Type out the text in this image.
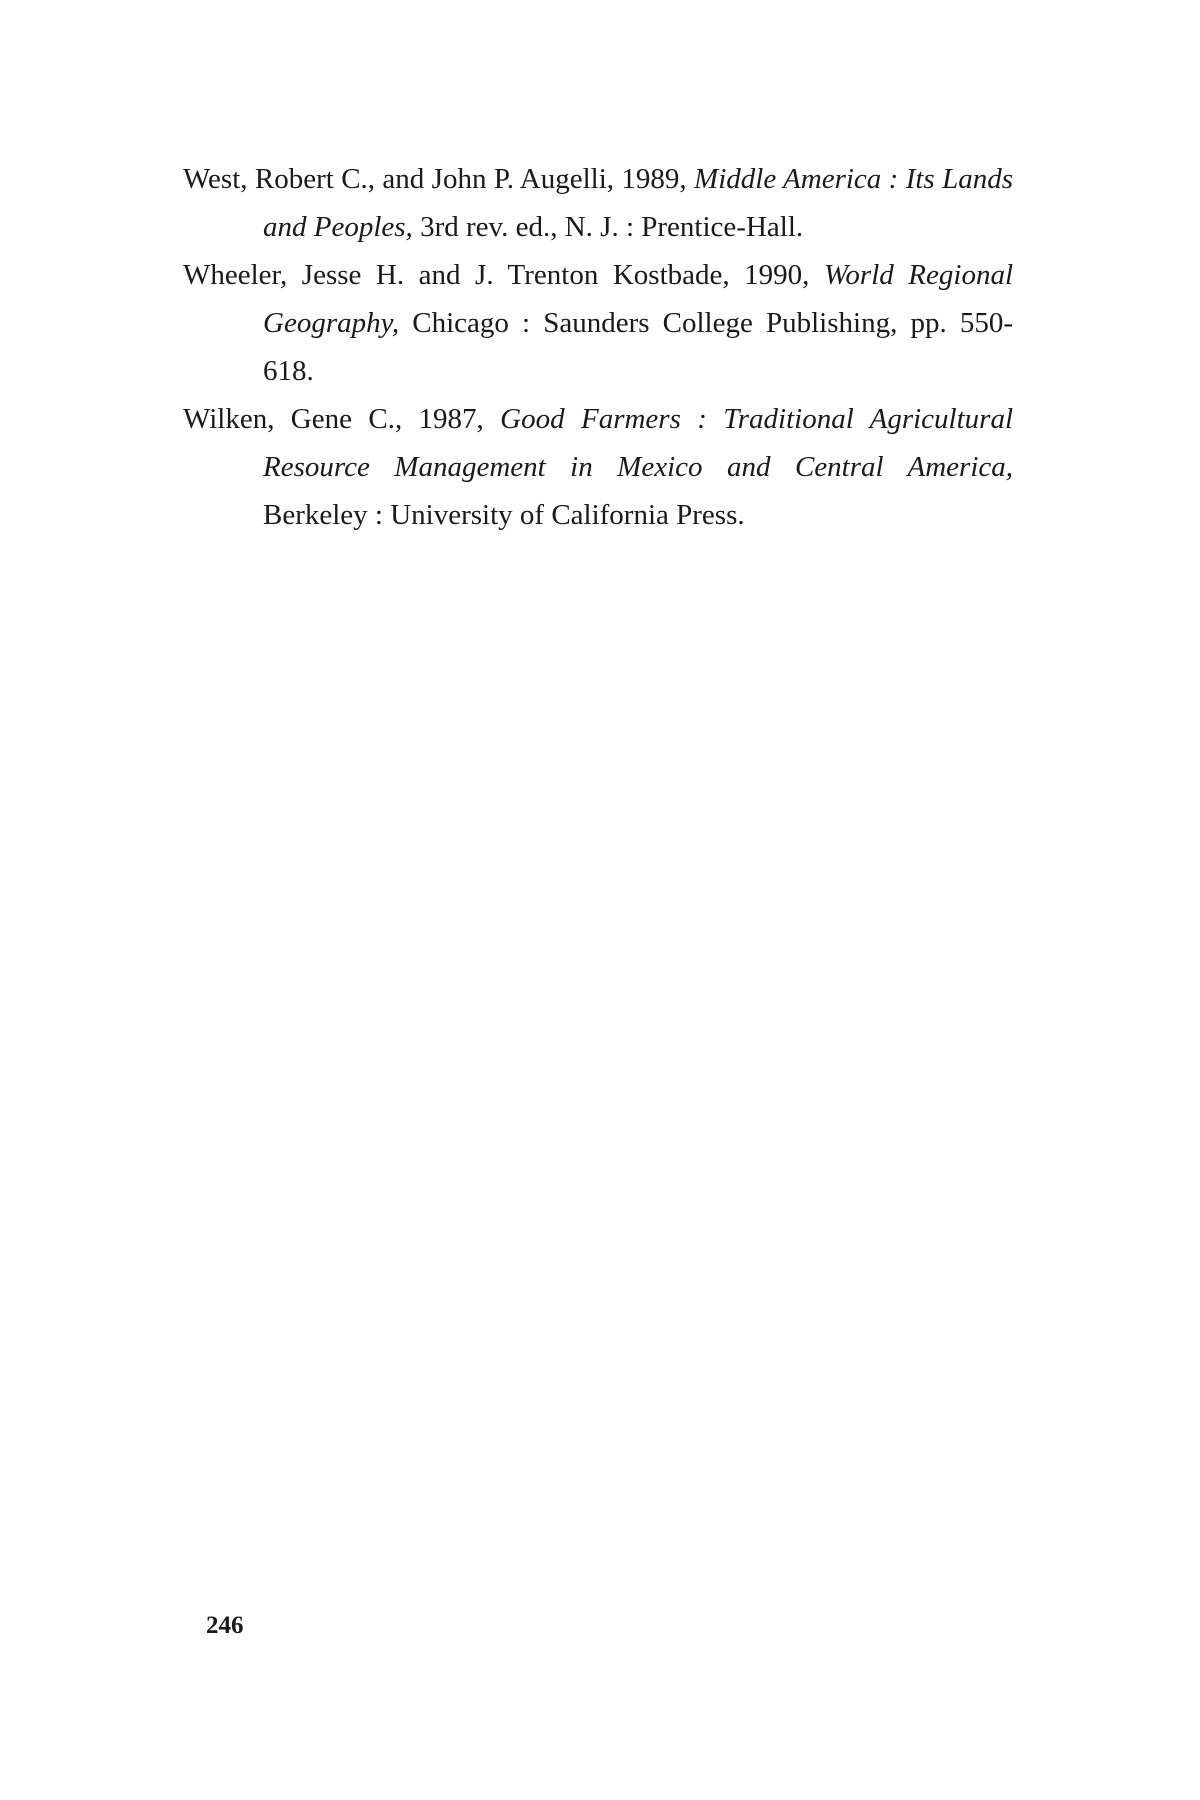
West, Robert C., and John P. Augelli, 1989, Middle America : Its Lands and Peoples, 3rd rev. ed., N. J. : Prentice-Hall.

Wheeler, Jesse H. and J. Trenton Kostbade, 1990, World Regional Geography, Chicago : Saunders College Publishing, pp. 550-618.

Wilken, Gene C., 1987, Good Farmers : Traditional Agricultural Resource Management in Mexico and Central America, Berkeley : University of California Press.

246
